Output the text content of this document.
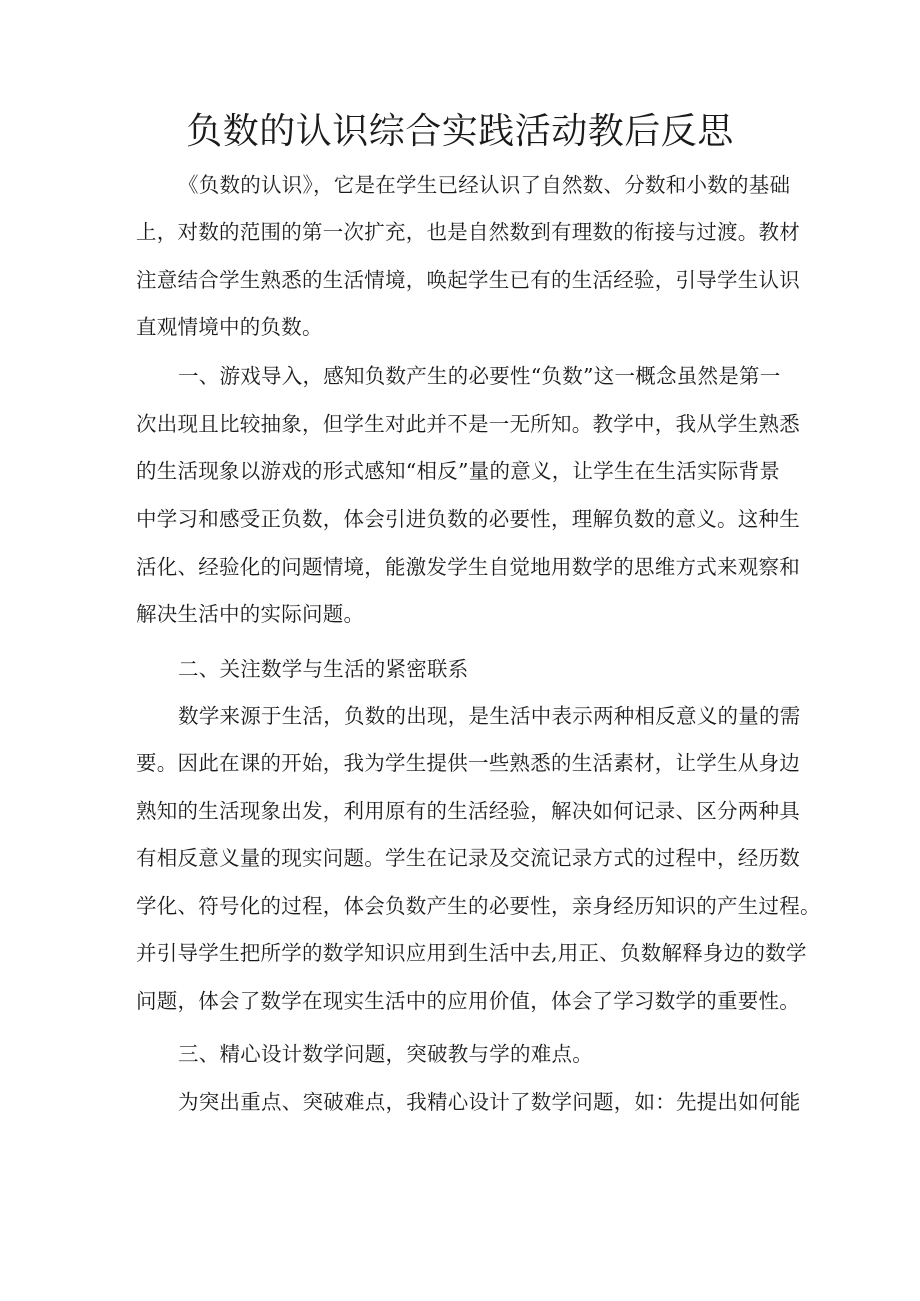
负数的认识综合实践活动教后反思
《负数的认识》，它是在学生已经认识了自然数、分数和小数的基础
上，对数的范围的第一次扩充，也是自然数到有理数的衔接与过渡。教材
注意结合学生熟悉的生活情境，唤起学生已有的生活经验，引导学生认识
直观情境中的负数。
一、游戏导入，感知负数产生的必要性“负数”这一概念虽然是第一
次出现且比较抽象，但学生对此并不是一无所知。教学中，我从学生熟悉
的生活现象以游戏的形式感知“相反”量的意义，让学生在生活实际背景
中学习和感受正负数，体会引进负数的必要性，理解负数的意义。这种生
活化、经验化的问题情境，能激发学生自觉地用数学的思维方式来观察和
解决生活中的实际问题。
二、关注数学与生活的紧密联系
数学来源于生活，负数的出现，是生活中表示两种相反意义的量的需
要。因此在课的开始，我为学生提供一些熟悉的生活素材，让学生从身边
熟知的生活现象出发，利用原有的生活经验，解决如何记录、区分两种具
有相反意义量的现实问题。学生在记录及交流记录方式的过程中，经历数
学化、符号化的过程，体会负数产生的必要性，亲身经历知识的产生过程。
并引导学生把所学的数学知识应用到生活中去,用正、负数解释身边的数学
问题，体会了数学在现实生活中的应用价值，体会了学习数学的重要性。
三、精心设计数学问题，突破教与学的难点。
为突出重点、突破难点，我精心设计了数学问题，如：先提出如何能
